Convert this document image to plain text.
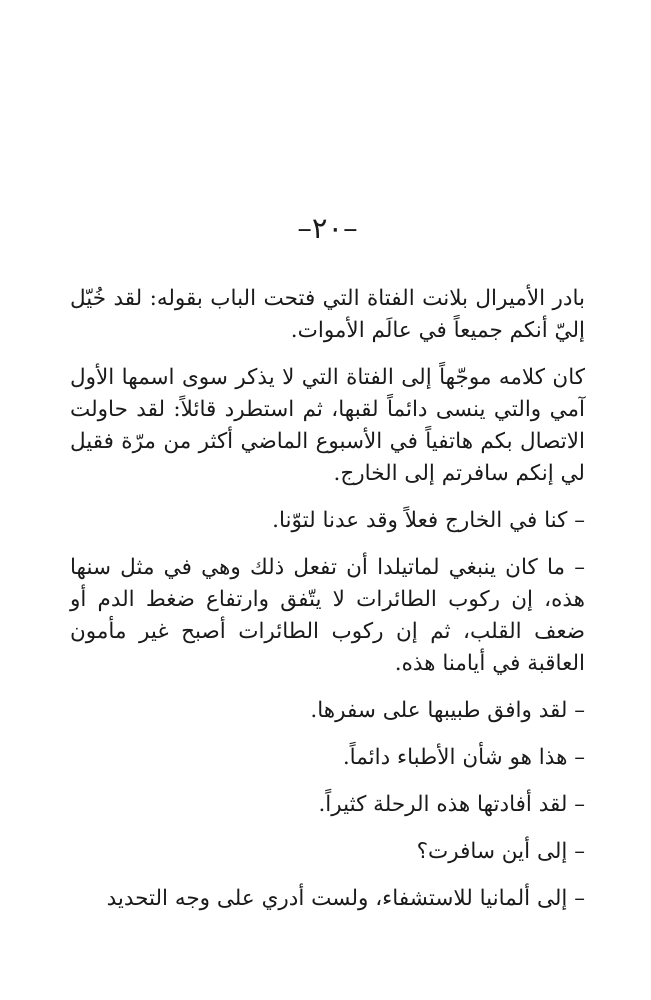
–٢٠–

بادر الأميرال بلانت الفتاة التي فتحت الباب بقوله: لقد خُيّل إليّ أنكم جميعاً في عالَم الأموات.

كان كلامه موجّهاً إلى الفتاة التي لا يذكر سوى اسمها الأول آمي والتي ينسى دائماً لقبها، ثم استطرد قائلاً: لقد حاولت الاتصال بكم هاتفياً في الأسبوع الماضي أكثر من مرّة فقيل لي إنكم سافرتم إلى الخارج.

– كنا في الخارج فعلاً وقد عدنا لتوّنا.

– ما كان ينبغي لماتيلدا أن تفعل ذلك وهي في مثل سنها هذه، إن ركوب الطائرات لا يتّفق وارتفاع ضغط الدم أو ضعف القلب، ثم إن ركوب الطائرات أصبح غير مأمون العاقبة في أيامنا هذه.

– لقد وافق طبيبها على سفرها.

– هذا هو شأن الأطباء دائماً.

– لقد أفادتها هذه الرحلة كثيراً.

– إلى أين سافرت؟

– إلى ألمانيا للاستشفاء، ولست أدري على وجه التحديد
